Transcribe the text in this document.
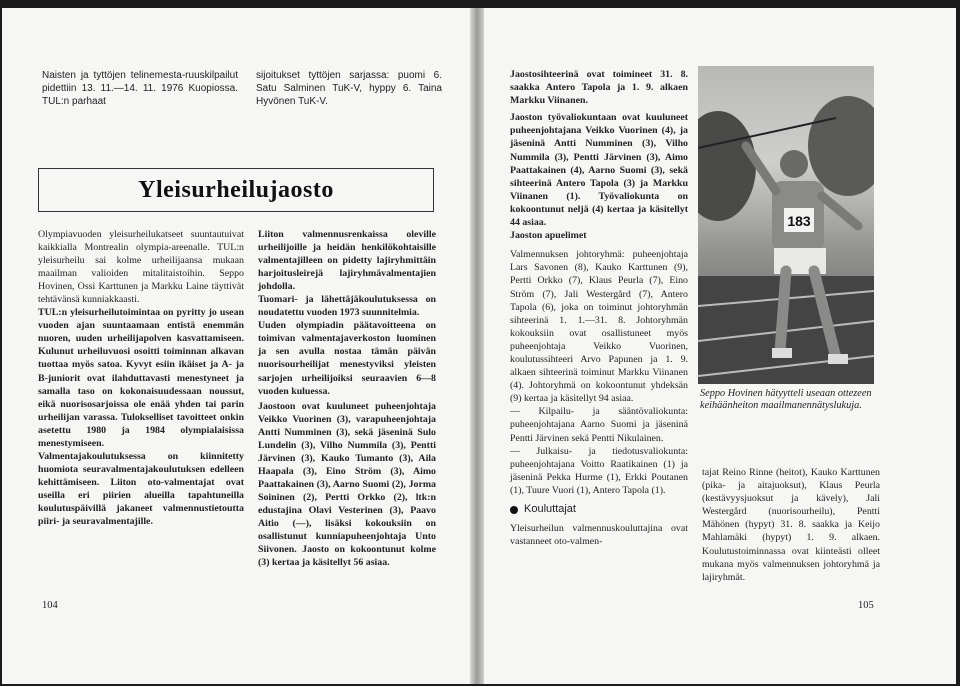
Naisten ja tyttöjen telinemesta-ruuskilpailut pidettiin 13. 11.—14. 11. 1976 Kuopiossa. TUL:n parhaat

sijoitukset tyttöjen sarjassa: puomi 6. Satu Salminen TuK-V, hyppy 6. Taina Hyvönen TuK-V.

Yleisurheilujaosto

Olympiavuoden yleisurheilukatseet suuntautuivat kaikkialla Montrealin olympia-areenalle. TUL:n yleisurheilu sai kolme urheilijaansa mukaan maailman valioiden mitalitaistoihin. Seppo Hovinen, Ossi Karttunen ja Markku Laine täyttivät tehtävänsä kunniakkaasti.

TUL:n yleisurheilutoimintaa on pyritty jo usean vuoden ajan suuntaamaan entistä enemmän nuoren, uuden urheilijapolven kasvattamiseen. Kulunut urheiluvuosi osoitti toiminnan alkavan tuottaa myös satoa. Kyvyt esiin ikäiset ja A- ja B-juniorit ovat ilahduttavasti menestyneet ja samalla taso on kokonaisuudessaan noussut, eikä nuorisosarjoissa ole enää yhden tai parin urheilijan varassa. Tulokselliset tavoitteet onkin asetettu 1980 ja 1984 olympialaisissa menestymiseen.

Valmentajakoulutuksessa on kiinnitetty huomiota seuravalmentajakoulutuksen edelleen kehittämiseen. Liiton oto-valmentajat ovat useilla eri piirien alueilla tapahtuneilla koulutuspäivillä jakaneet valmennustietoutta piiri- ja seuravalmentajille.

Liiton valmennusrenkaissa oleville urheilijoille ja heidän henkilökohtaisille valmentajilleen on pidetty lajiryhmittäin harjoitusleirejä lajiryhmävalmentajien johdolla.

Tuomari- ja lähettäjäkoulutuksessa on noudatettu vuoden 1973 suunnitelmia.

Uuden olympiadin päätavoitteena on toimivan valmentajaverkoston luominen ja sen avulla nostaa tämän päivän nuorisourheilijat menestyviksi yleisten sarjojen urheilijoiksi seuraavien 6—8 vuoden kuluessa.

Jaostoon ovat kuuluneet puheenjohtaja Veikko Vuorinen (3), varapuheenjohtaja Antti Numminen (3), sekä jäseninä Sulo Lundelin (3), Vilho Nummila (3), Pentti Järvinen (3), Kauko Tumanto (3), Aila Haapala (3), Eino Ström (3), Aimo Paattakainen (3), Aarno Suomi (2), Jorma Soininen (2), Pertti Orkko (2), ltk:n edustajina Olavi Vesterinen (3), Paavo Aitio (—), lisäksi kokouksiin on osallistunut kunniapuheenjohtaja Unto Siivonen. Jaosto on kokoontunut kolme (3) kertaa ja käsitellyt 56 asiaa.

104

Jaostosihteerinä ovat toimineet 31. 8. saakka Antero Tapola ja 1. 9. alkaen Markku Viinanen.

Jaoston työvaliokuntaan ovat kuuluneet puheenjohtajana Veikko Vuorinen (4), ja jäseninä Antti Numminen (3), Vilho Nummila (3), Pentti Järvinen (3), Aimo Paattakainen (4), Aarno Suomi (3), sekä sihteerinä Antero Tapola (3) ja Markku Viinanen (1). Työvaliokunta on kokoontunut neljä (4) kertaa ja käsitellyt 44 asiaa.

Jaoston apuelimet

Valmennuksen johtoryhmä: puheenjohtaja Lars Savonen (8), Kauko Karttunen (9), Pertti Orkko (7), Klaus Peurla (7), Eino Ström (7), Jali Westergård (7), Antero Tapola (6), joka on toiminut johtoryhmän sihteerinä 1. 1.—31. 8. Johtoryhmän kokouksiin ovat osallistuneet myös puheenjohtaja Veikko Vuorinen, koulutussihteeri Arvo Papunen ja 1. 9. alkaen sihteerinä toiminut Markku Viinanen (4). Johtoryhmä on kokoontunut yhdeksän (9) kertaa ja käsitellyt 94 asiaa.

— Kilpailu- ja sääntövaliokunta: puheenjohtajana Aarno Suomi ja jäseninä Pentti Järvinen sekä Pentti Nikulainen.

— Julkaisu- ja tiedotusvaliokunta: puheenjohtajana Voitto Raatikainen (1) ja jäseninä Pekka Hurme (1), Erkki Poutanen (1), Tuure Vuori (1), Antero Tapola (1).

Kouluttajat

Yleisurheilun valmennuskouluttajina ovat vastanneet oto-valmen-

183
Seppo Hovinen hätyytteli useaan ottezeen keihäänheiton maailmanennätyslukuja.

tajat Reino Rinne (heitot), Kauko Karttunen (pika- ja aitajuoksut), Klaus Peurla (kestävyysjuoksut ja kävely), Jali Westergård (nuorisourheilu), Pentti Mähönen (hypyt) 31. 8. saakka ja Keijo Mahlamäki (hypyt) 1. 9. alkaen. Koulutustoiminnassa ovat kiinteästi olleet mukana myös valmennuksen johtoryhmä ja lajiryhmät.

105
